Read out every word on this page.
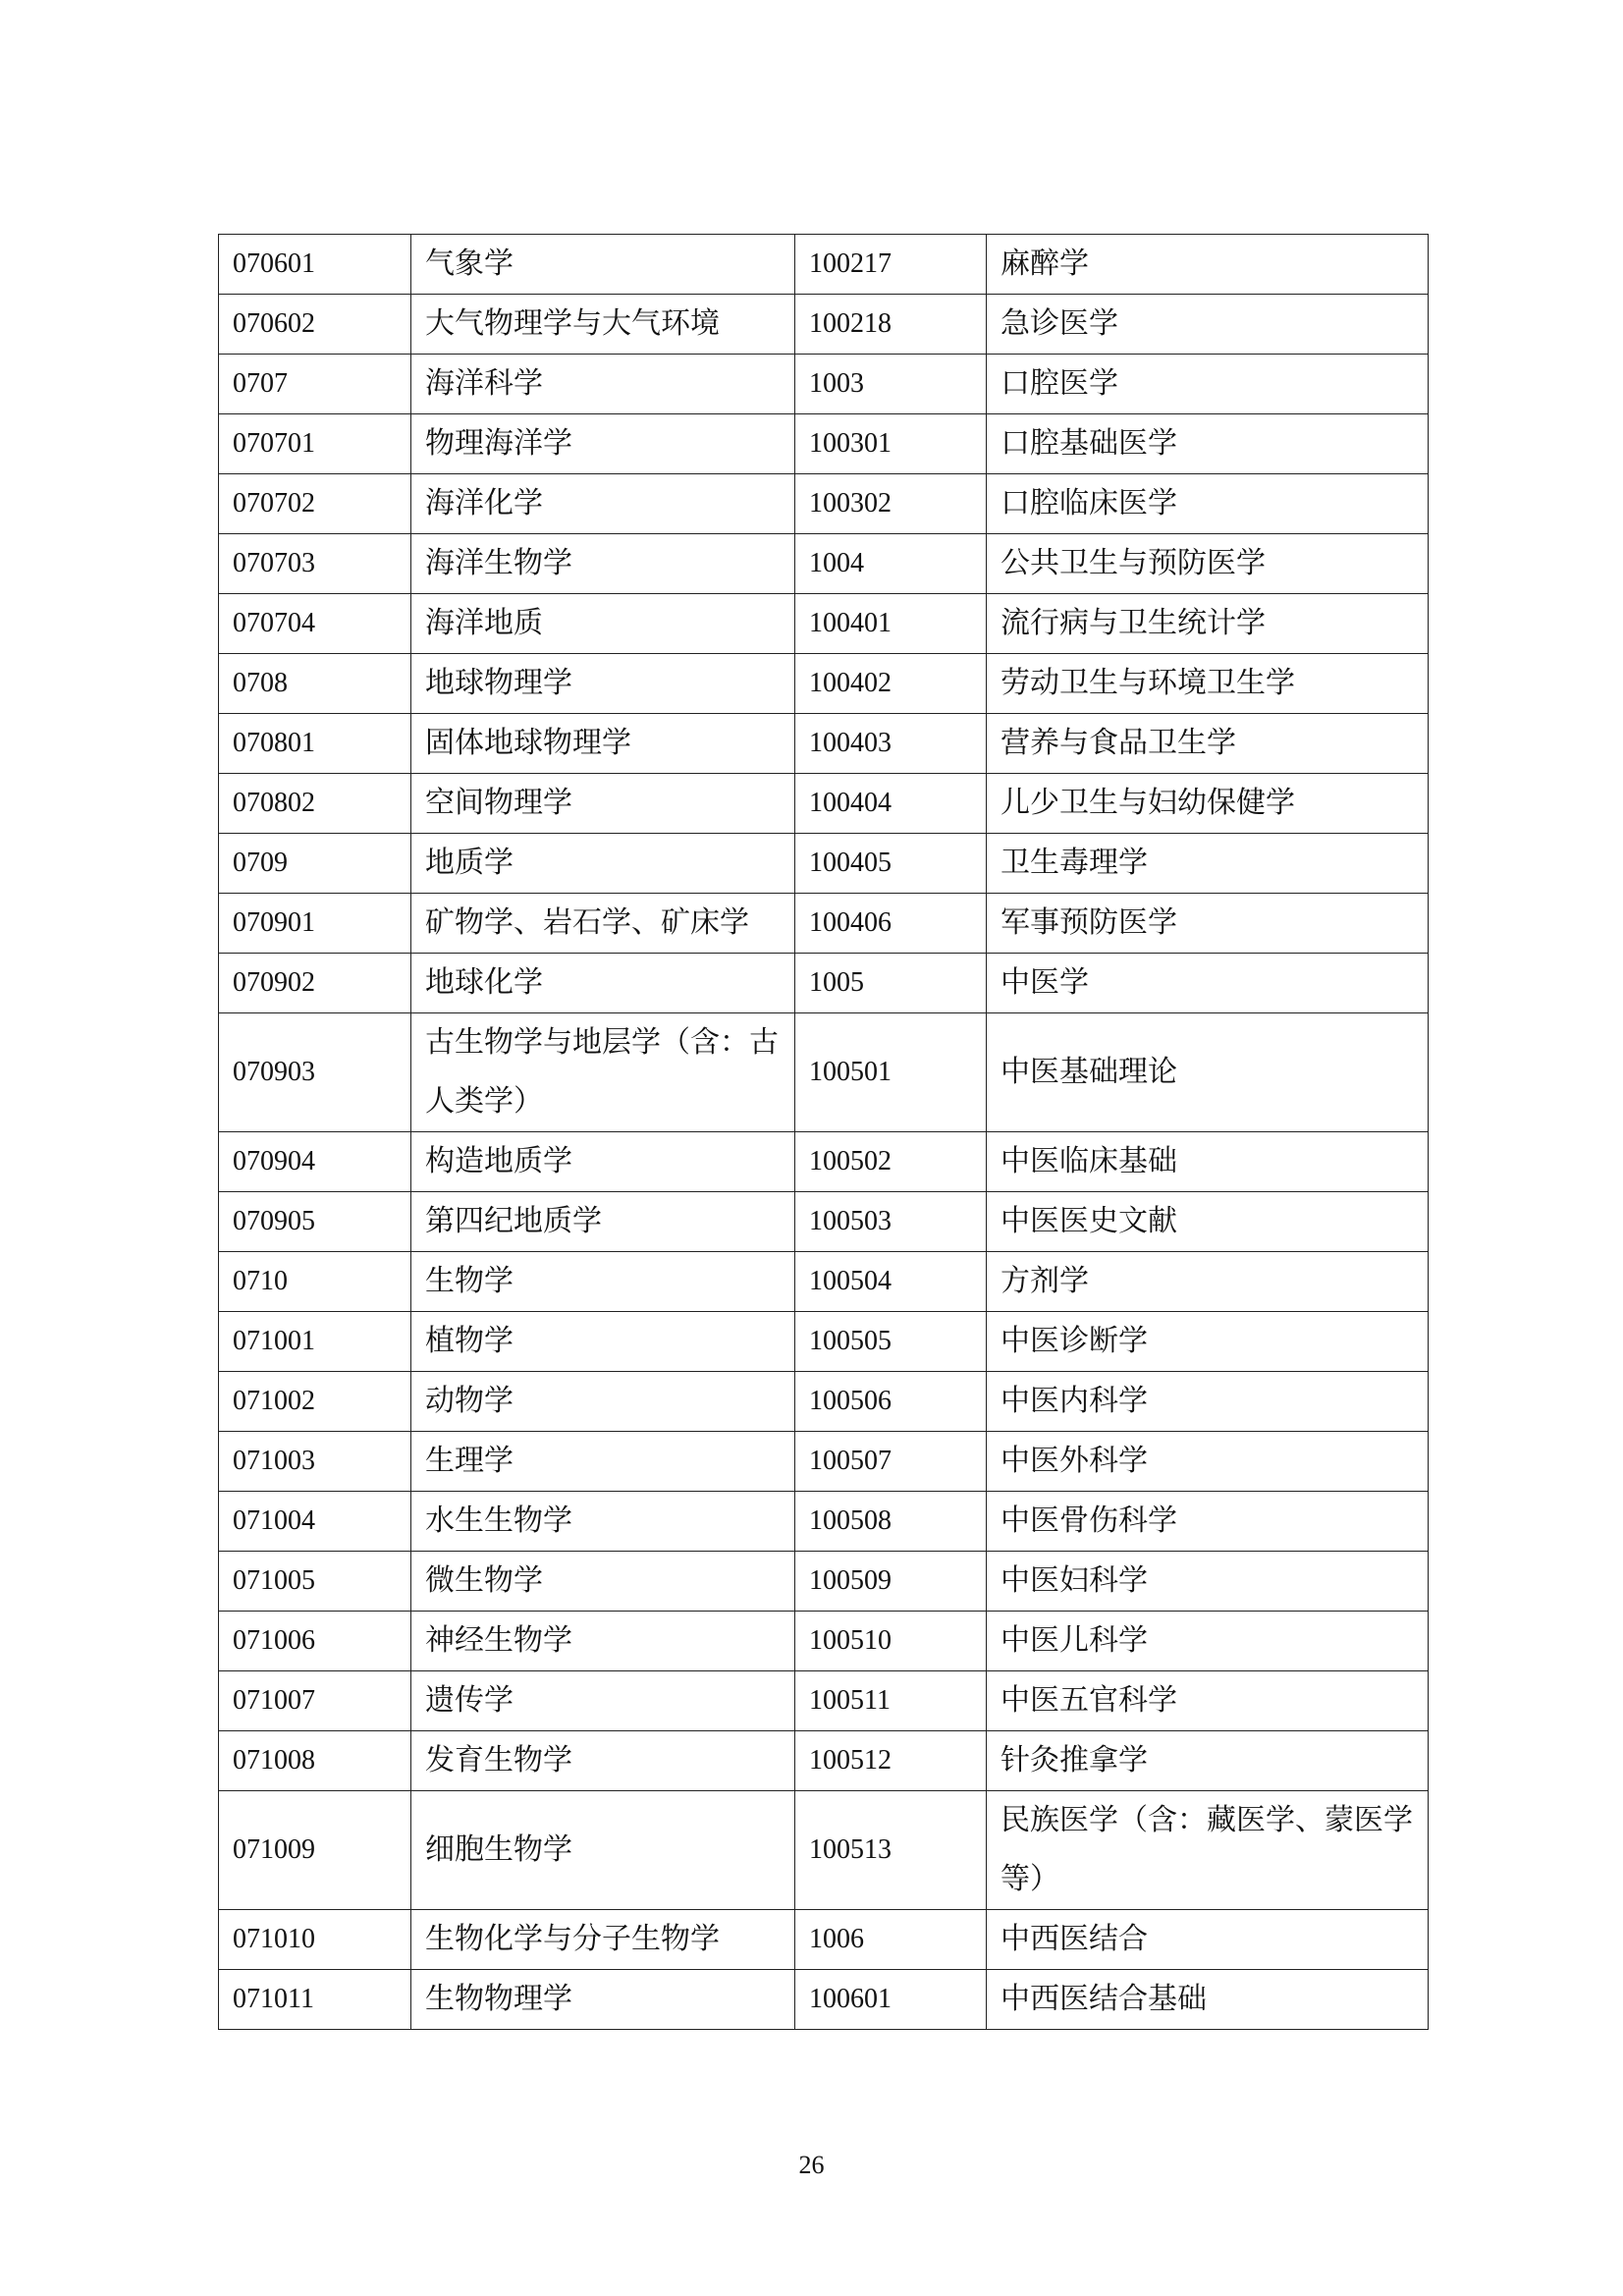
070601	气象学	100217	麻醉学
070602	大气物理学与大气环境	100218	急诊医学
0707	海洋科学	1003	口腔医学
070701	物理海洋学	100301	口腔基础医学
070702	海洋化学	100302	口腔临床医学
070703	海洋生物学	1004	公共卫生与预防医学
070704	海洋地质	100401	流行病与卫生统计学
0708	地球物理学	100402	劳动卫生与环境卫生学
070801	固体地球物理学	100403	营养与食品卫生学
070802	空间物理学	100404	儿少卫生与妇幼保健学
0709	地质学	100405	卫生毒理学
070901	矿物学、岩石学、矿床学	100406	军事预防医学
070902	地球化学	1005	中医学
070903	古生物学与地层学（含：古人类学）	100501	中医基础理论
070904	构造地质学	100502	中医临床基础
070905	第四纪地质学	100503	中医医史文献
0710	生物学	100504	方剂学
071001	植物学	100505	中医诊断学
071002	动物学	100506	中医内科学
071003	生理学	100507	中医外科学
071004	水生生物学	100508	中医骨伤科学
071005	微生物学	100509	中医妇科学
071006	神经生物学	100510	中医儿科学
071007	遗传学	100511	中医五官科学
071008	发育生物学	100512	针灸推拿学
071009	细胞生物学	100513	民族医学（含：藏医学、蒙医学等）
071010	生物化学与分子生物学	1006	中西医结合
071011	生物物理学	100601	中西医结合基础
26
